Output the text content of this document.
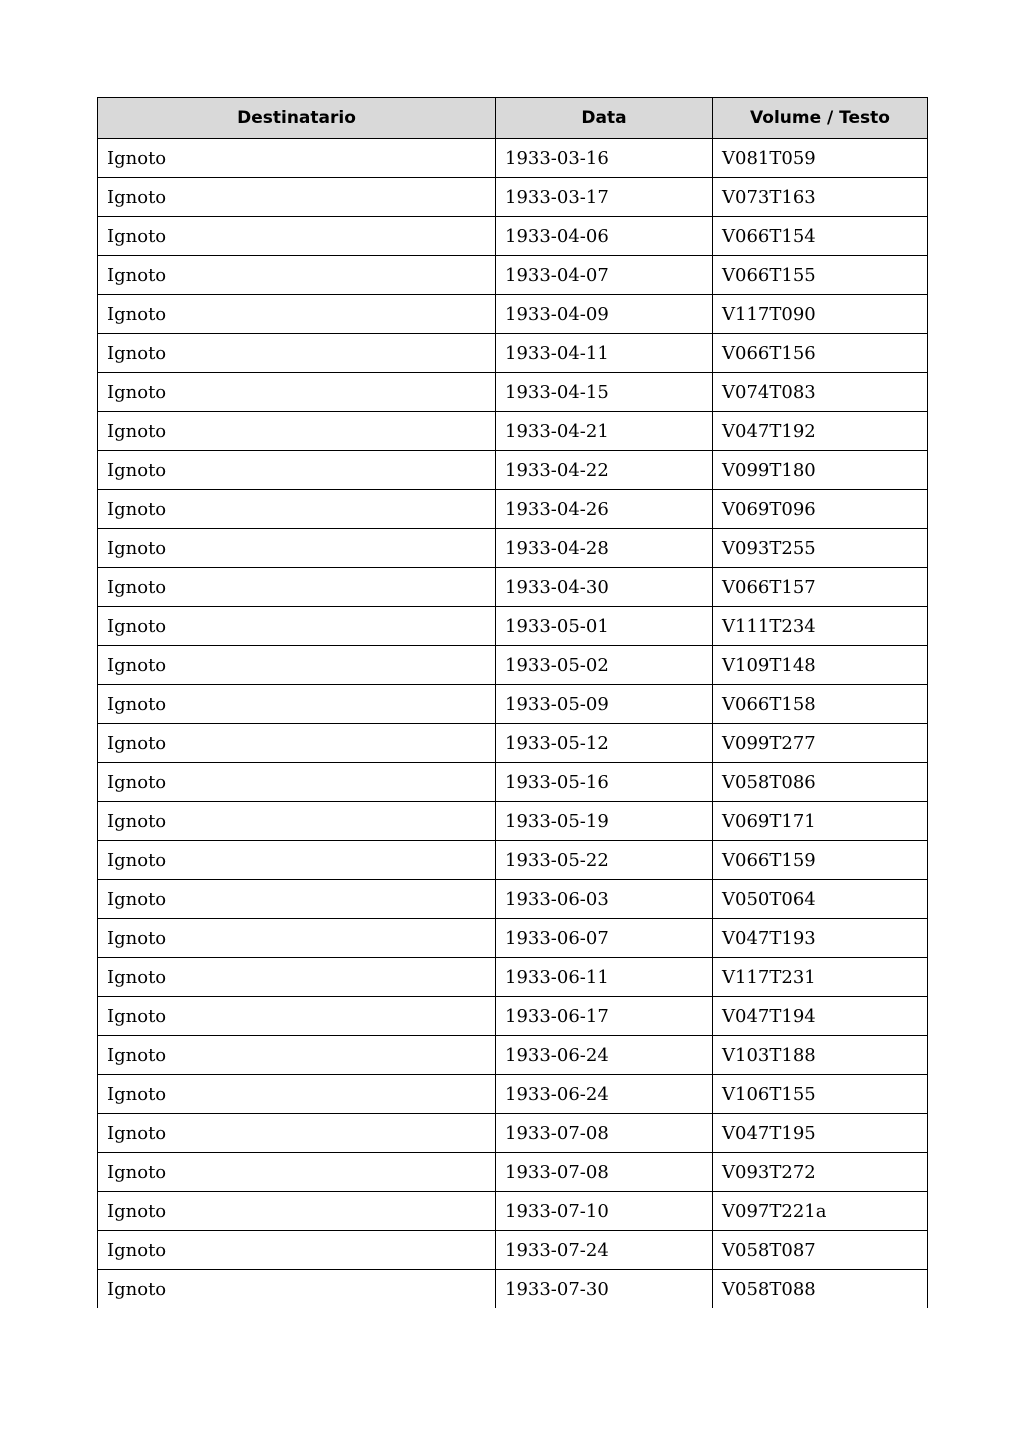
Destinatario	Data	Volume / Testo
Ignoto	1933-03-16	V081T059
Ignoto	1933-03-17	V073T163
Ignoto	1933-04-06	V066T154
Ignoto	1933-04-07	V066T155
Ignoto	1933-04-09	V117T090
Ignoto	1933-04-11	V066T156
Ignoto	1933-04-15	V074T083
Ignoto	1933-04-21	V047T192
Ignoto	1933-04-22	V099T180
Ignoto	1933-04-26	V069T096
Ignoto	1933-04-28	V093T255
Ignoto	1933-04-30	V066T157
Ignoto	1933-05-01	V111T234
Ignoto	1933-05-02	V109T148
Ignoto	1933-05-09	V066T158
Ignoto	1933-05-12	V099T277
Ignoto	1933-05-16	V058T086
Ignoto	1933-05-19	V069T171
Ignoto	1933-05-22	V066T159
Ignoto	1933-06-03	V050T064
Ignoto	1933-06-07	V047T193
Ignoto	1933-06-11	V117T231
Ignoto	1933-06-17	V047T194
Ignoto	1933-06-24	V103T188
Ignoto	1933-06-24	V106T155
Ignoto	1933-07-08	V047T195
Ignoto	1933-07-08	V093T272
Ignoto	1933-07-10	V097T221a
Ignoto	1933-07-24	V058T087
Ignoto	1933-07-30	V058T088
